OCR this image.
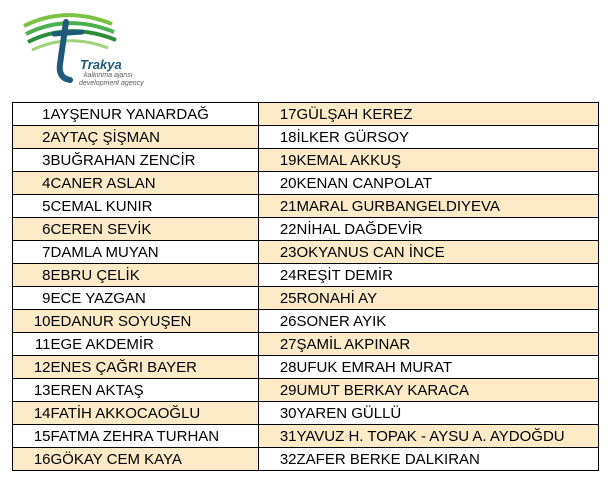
Trakya
kalkınma ajansı
development agency
1	AYŞENUR YANARDAĞ	17	GÜLŞAH KEREZ
2	AYTAÇ ŞİŞMAN	18	İLKER GÜRSOY
3	BUĞRAHAN ZENCİR	19	KEMAL AKKUŞ
4	CANER ASLAN	20	KENAN CANPOLAT
5	CEMAL KUNIR	21	MARAL GURBANGELDIYEVA
6	CEREN SEVİK	22	NİHAL DAĞDEVİR
7	DAMLA MUYAN	23	OKYANUS CAN İNCE
8	EBRU ÇELİK	24	REŞİT DEMİR
9	ECE YAZGAN	25	RONAHİ AY
10	EDANUR SOYUŞEN	26	SONER AYIK
11	EGE AKDEMİR	27	ŞAMİL AKPINAR
12	ENES ÇAĞRI BAYER	28	UFUK EMRAH MURAT
13	EREN AKTAŞ	29	UMUT BERKAY KARACA
14	FATİH AKKOCAOĞLU	30	YAREN GÜLLÜ
15	FATMA ZEHRA TURHAN	31	YAVUZ H. TOPAK - AYSU A. AYDOĞDU
16	GÖKAY CEM KAYA	32	ZAFER BERKE DALKIRAN
